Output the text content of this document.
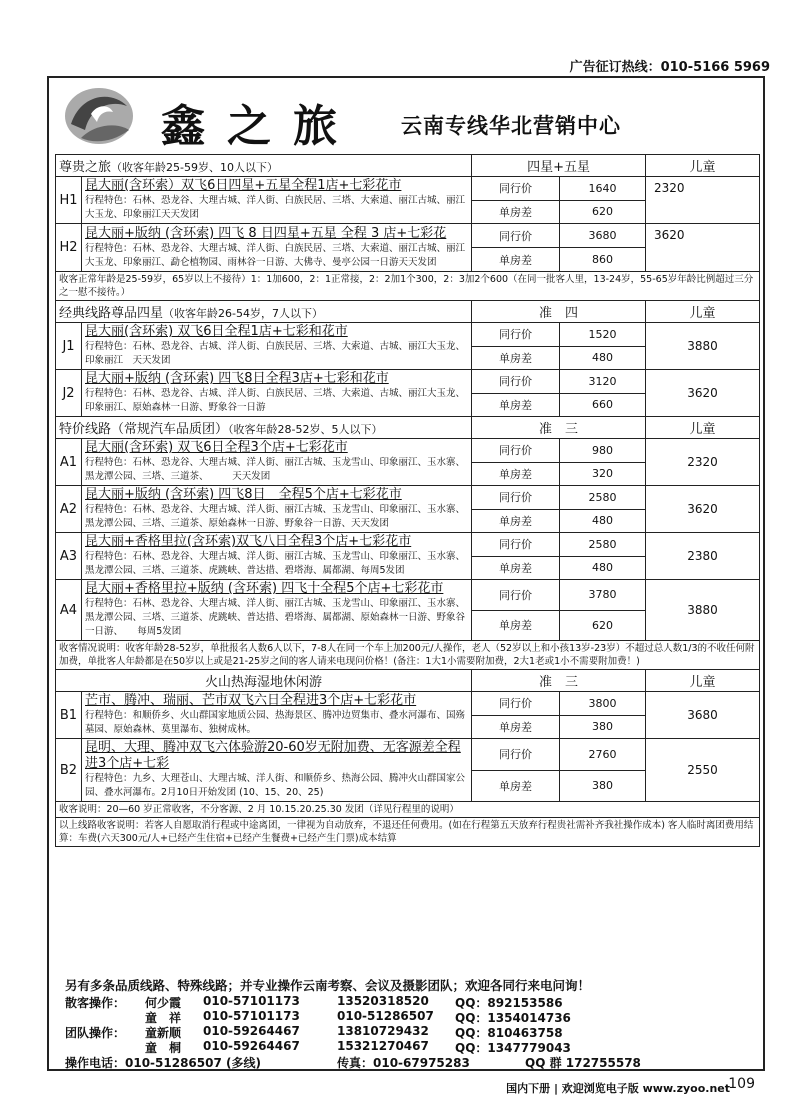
广告征订热线：010-5166 5969
鑫之旅 云南专线华北营销中心
尊贵之旅（收客年龄25-59岁、10人以下）		四星+五星		儿童
H1	昆大丽(含环索）双飞6日四星+五星全程1店+七彩花市
行程特色：石林、恐龙谷、大理古城、洋人街、白族民居、三塔、大索道、丽江古城、丽江大玉龙、印象丽江天天发团	同行价	1640	2320
		单房差	620	
H2	昆大丽+版纳 (含环索) 四飞 8 日四星+五星 全程 3 店+七彩花
行程特色：石林、恐龙谷、大理古城、洋人街、白族民居、三塔、大索道、丽江古城、丽江大玉龙、印象丽江、勐仑植物园、雨林谷一日游、大佛寺、曼亭公园一日游天天发团	同行价	3680	3620
		单房差	860	
收客正常年龄是25-59岁，65岁以上不接待）1：1加600，2：1正常接，2：2加1个300，2：3加2个600（在同一批客人里，13-24岁，55-65岁年龄比例超过三分之一慰不接待。）				
经典线路尊品四星（收客年龄26-54岁，7人以下）		准　四		儿童
J1	昆大丽(含环索) 双飞6日全程1店+七彩和花市
行程特色：石林、恐龙谷、古城、洋人街、白族民居、三塔、大索道、古城、丽江大玉龙、印象丽江　天天发团	同行价	1520	3880
		单房差	480	
J2	昆大丽+版纳 (含环索) 四飞8日全程3店+七彩和花市
行程特色：石林、恐龙谷、古城、洋人街、白族民居、三塔、大索道、古城、丽江大玉龙、印象丽江、原始森林一日游、野象谷一日游	同行价	3120	3620
		单房差	660	
特价线路（常规汽车品质团）（收客年龄28-52岁、5人以下）		准　三		儿童
A1	昆大丽(含环索) 双飞6日全程3个店+七彩花市
行程特色：石林、恐龙谷、大理古城、洋人街、丽江古城、玉龙雪山、印象丽江、玉水寨、黑龙潭公园、三塔、三道茶、　　　天天发团	同行价	980	2320
		单房差	320	
A2	昆大丽+版纳 (含环索) 四飞8日　全程5个店+七彩花市
行程特色：石林、恐龙谷、大理古城、洋人街、丽江古城、玉龙雪山、印象丽江、玉水寨、黑龙潭公园、三塔、三道茶、原始森林一日游、野象谷一日游、天天发团	同行价	2580	3620
		单房差	480	
A3	昆大丽+香格里拉(含环索)双飞八日全程3个店+七彩花市
行程特色：石林、恐龙谷、大理古城、洋人街、丽江古城、玉龙雪山、印象丽江、玉水寨、黑龙潭公园、三塔、三道茶、虎跳峡、普达措、碧塔海、属都湖、每周5发团	同行价	2580	2380
		单房差	480	
A4	昆大丽+香格里拉+版纳 (含环索) 四飞十全程5个店+七彩花市
行程特色：石林、恐龙谷、大理古城、洋人街、丽江古城、玉龙雪山、印象丽江、玉水寨、黑龙潭公园、三塔、三道茶、虎跳峡、普达措、碧塔海、属都湖、原始森林一日游、野象谷一日游、　　每周5发团	同行价	3780	3880
		单房差	620	
收客情况说明：收客年龄28-52岁，单批报名人数6人以下，7-8人在同一个车上加200元/人操作，老人（52岁以上和小孩13岁-23岁）不超过总人数1/3的不收任何附加费，单批客人年龄都是在50岁以上或是21-25岁之间的客人请来电现问价格！(备注：1大1小需要附加费，2大1老或1小不需要附加费！)				
火山热海湿地休闲游		准　三		儿童
B1	芒市、腾冲、瑞丽、芒市双飞六日全程进3个店+七彩花市
行程特色：和顺侨乡、火山群国家地质公园、热海景区、腾冲边贸集市、叠水河瀑布、国殇墓园、原始森林、莫里瀑布、独树成林。	同行价	3800	3680
		单房差	380	
B2	昆明、大理、腾冲双飞六体验游20-60岁无附加费、无客源差全程进3个店+七彩
行程特色：九乡、大理苍山、大理古城、洋人街、和顺侨乡、热海公园、腾冲火山群国家公园、叠水河瀑布。2月10日开始发团 (10、15、20、25)	同行价	2760	2550
		单房差	380	
收客说明：20—60 岁正常收客，不分客源、2 月 10.15.20.25.30 发团（详见行程里的说明）				
以上线路收客说明：若客人自愿取消行程或中途离团，一律视为自动放弃，不退还任何费用。(如在行程第五天放弃行程贵社需补齐我社操作成本) 客人临时离团费用结算：车费(六天300元/人+已经产生住宿+已经产生餐费+已经产生门票)成本结算				
另有多条品质线路、特殊线路；并专业操作云南考察、会议及摄影团队；欢迎各同行来电问询！
散客操作： 何少霞 010-57101173	13520318520 QQ：892153586
童　祥 010-57101173	010-51286507 QQ：1354014736
团队操作： 童新顺 010-59264467	13810729432 QQ：810463758
童　桐 010-59264467	15321270467 QQ：1347779043
操作电话：010-51286507 (多线)	传真：010-67975283	QQ 群 172755578
国内下册 | 欢迎浏览电子版 www.zyoo.net
109
